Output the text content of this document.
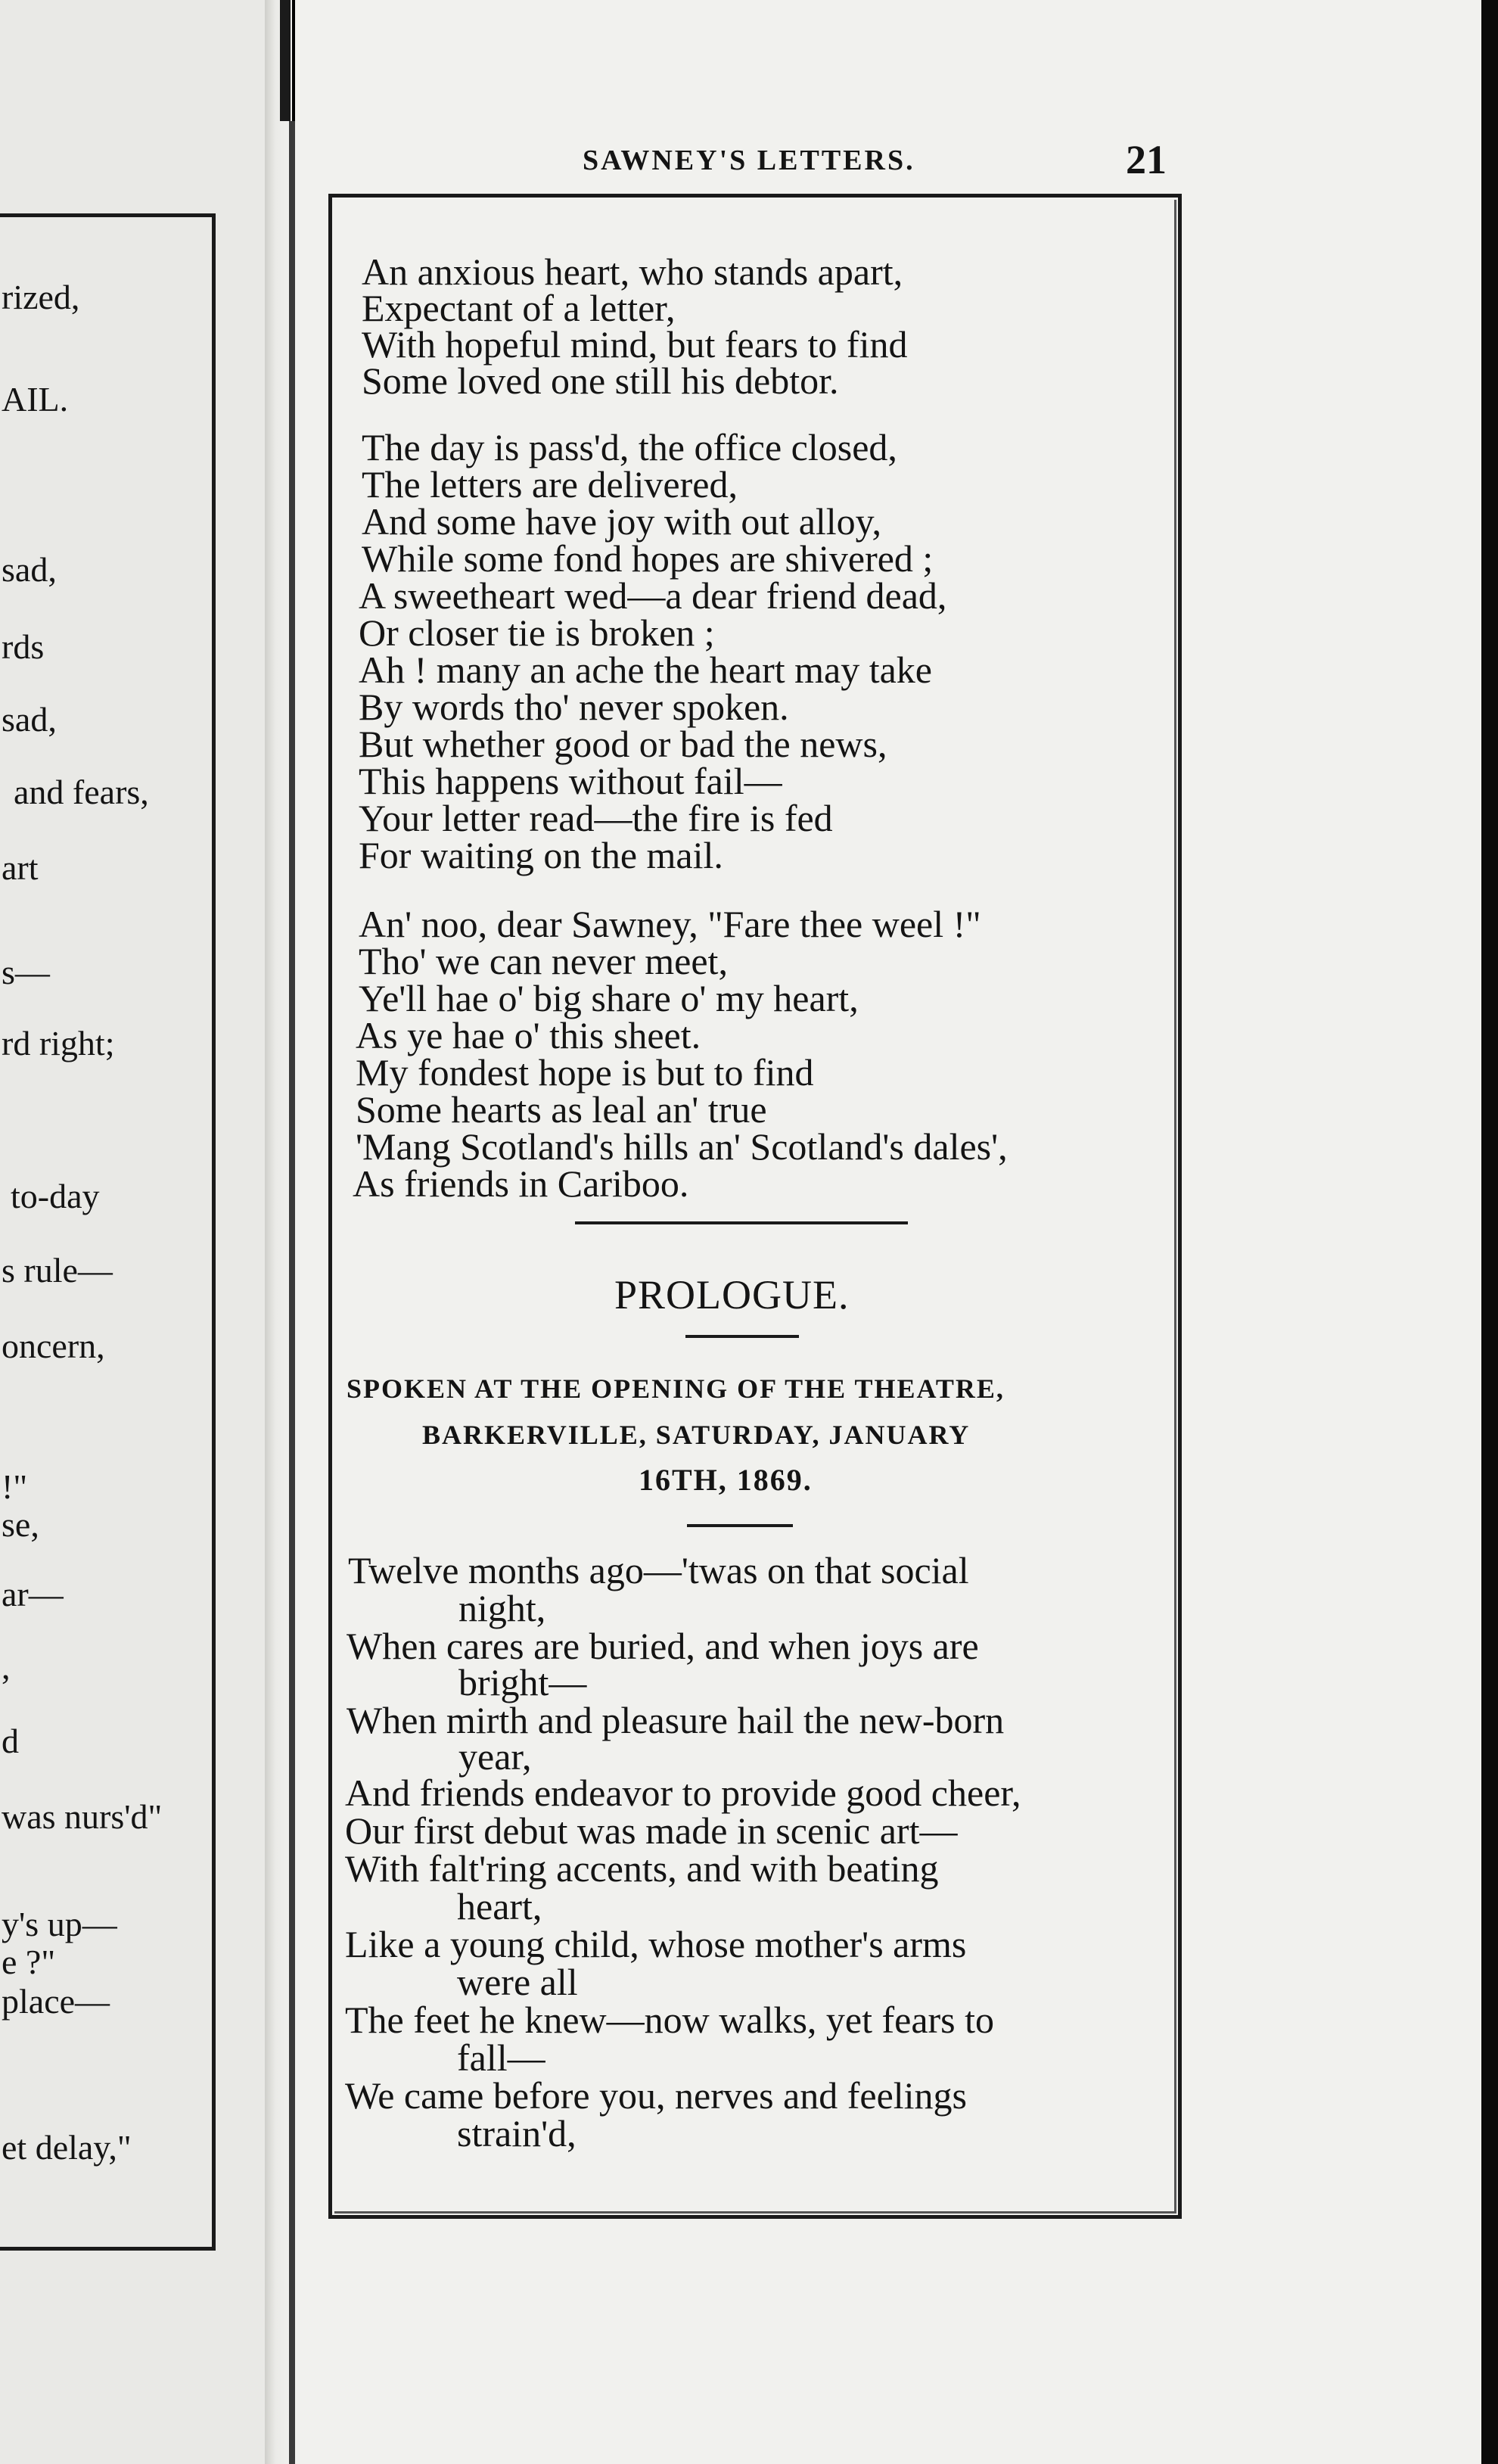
rized,
AIL.
sad,
rds
sad,
and fears,
art
s—
rd right;
to-day
s rule—
oncern,
!"
se,
ar—
,
d
was nurs'd"
y's up—
e ?"
place—
et delay,"
SAWNEY'S LETTERS.	21
An anxious heart, who stands apart,
Expectant of a letter,
With hopeful mind, but fears to find
Some loved one still his debtor.
The day is pass'd, the office closed,
The letters are delivered,
And some have joy with out alloy,
While some fond hopes are shivered ;
A sweetheart wed—a dear friend dead,
Or closer tie is broken ;
Ah ! many an ache the heart may take
By words tho' never spoken.
But whether good or bad the news,
This happens without fail—
Your letter read—the fire is fed
For waiting on the mail.
An' noo, dear Sawney, "Fare thee weel !"
Tho' we can never meet,
Ye'll hae o' big share o' my heart,
As ye hae o' this sheet.
My fondest hope is but to find
Some hearts as leal an' true
'Mang Scotland's hills an' Scotland's dales',
As friends in Cariboo.
PROLOGUE.
SPOKEN AT THE OPENING OF THE THEATRE,
BARKERVILLE, SATURDAY, JANUARY
16TH, 1869.
Twelve months ago—'twas on that social
night,
When cares are buried, and when joys are
bright—
When mirth and pleasure hail the new-born
year,
And friends endeavor to provide good cheer,
Our first debut was made in scenic art—
With falt'ring accents, and with beating
heart,
Like a young child, whose mother's arms
were all
The feet he knew—now walks, yet fears to
fall—
We came before you, nerves and feelings
strain'd,
